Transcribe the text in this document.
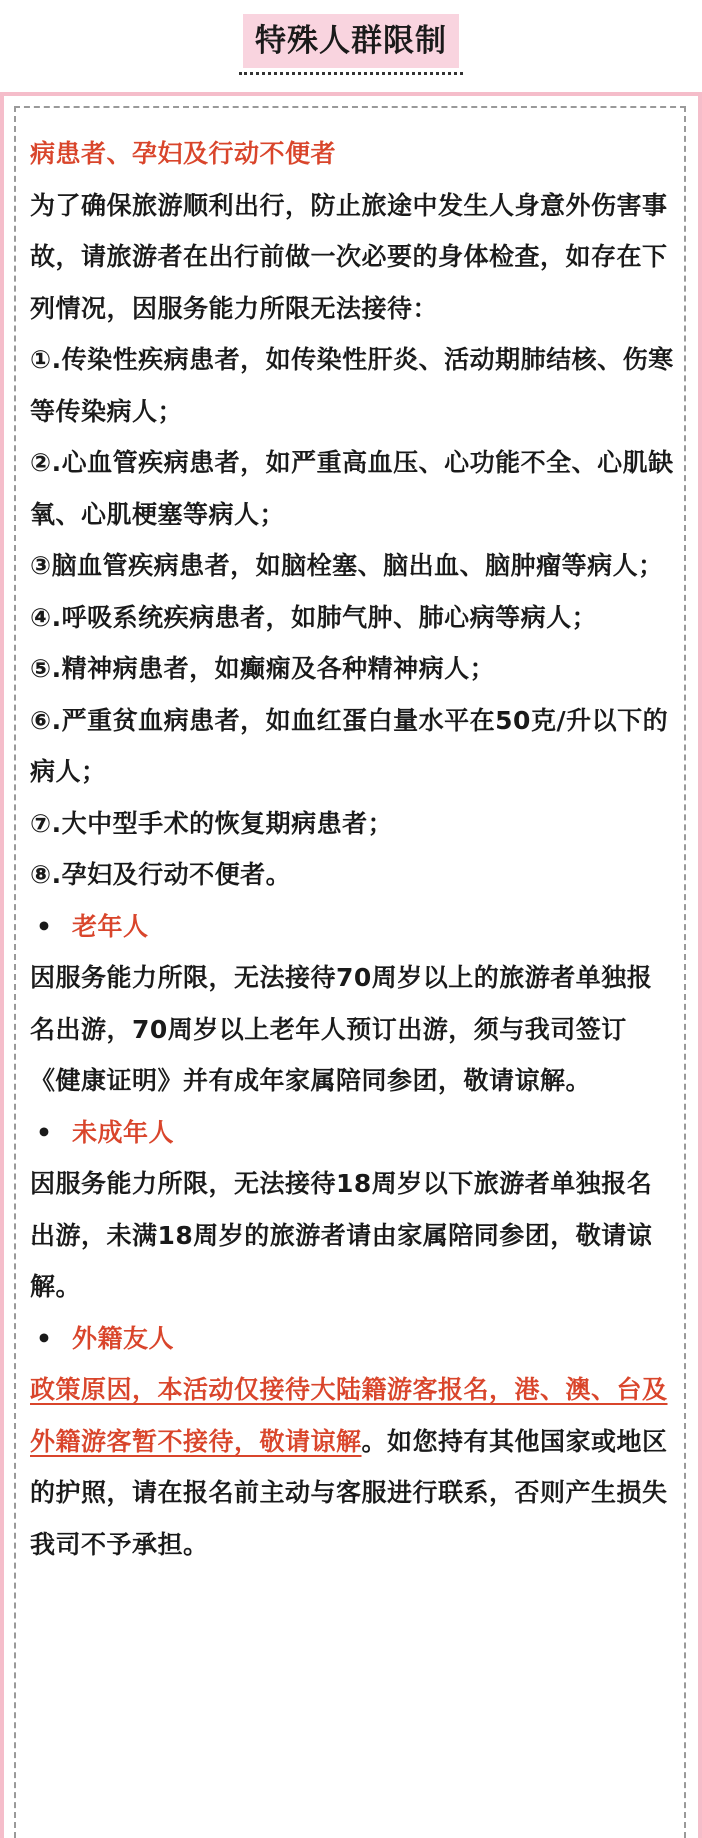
特殊人群限制

病患者、孕妇及行动不便者

为了确保旅游顺利出行，防止旅途中发生人身意外伤害事故，请旅游者在出行前做一次必要的身体检查，如存在下列情况，因服务能力所限无法接待：

①.传染性疾病患者，如传染性肝炎、活动期肺结核、伤寒等传染病人；

②.心血管疾病患者，如严重高血压、心功能不全、心肌缺氧、心肌梗塞等病人；

③脑血管疾病患者，如脑栓塞、脑出血、脑肿瘤等病人；

④.呼吸系统疾病患者，如肺气肿、肺心病等病人；

⑤.精神病患者，如癫痫及各种精神病人；

⑥.严重贫血病患者，如血红蛋白量水平在50克/升以下的病人；

⑦.大中型手术的恢复期病患者；

⑧.孕妇及行动不便者。

• 老年人

因服务能力所限，无法接待70周岁以上的旅游者单独报名出游，70周岁以上老年人预订出游，须与我司签订《健康证明》并有成年家属陪同参团，敬请谅解。

• 未成年人

因服务能力所限，无法接待18周岁以下旅游者单独报名出游，未满18周岁的旅游者请由家属陪同参团，敬请谅解。

• 外籍友人

政策原因，本活动仅接待大陆籍游客报名，港、澳、台及外籍游客暂不接待，敬请谅解。如您持有其他国家或地区的护照，请在报名前主动与客服进行联系，否则产生损失我司不予承担。
